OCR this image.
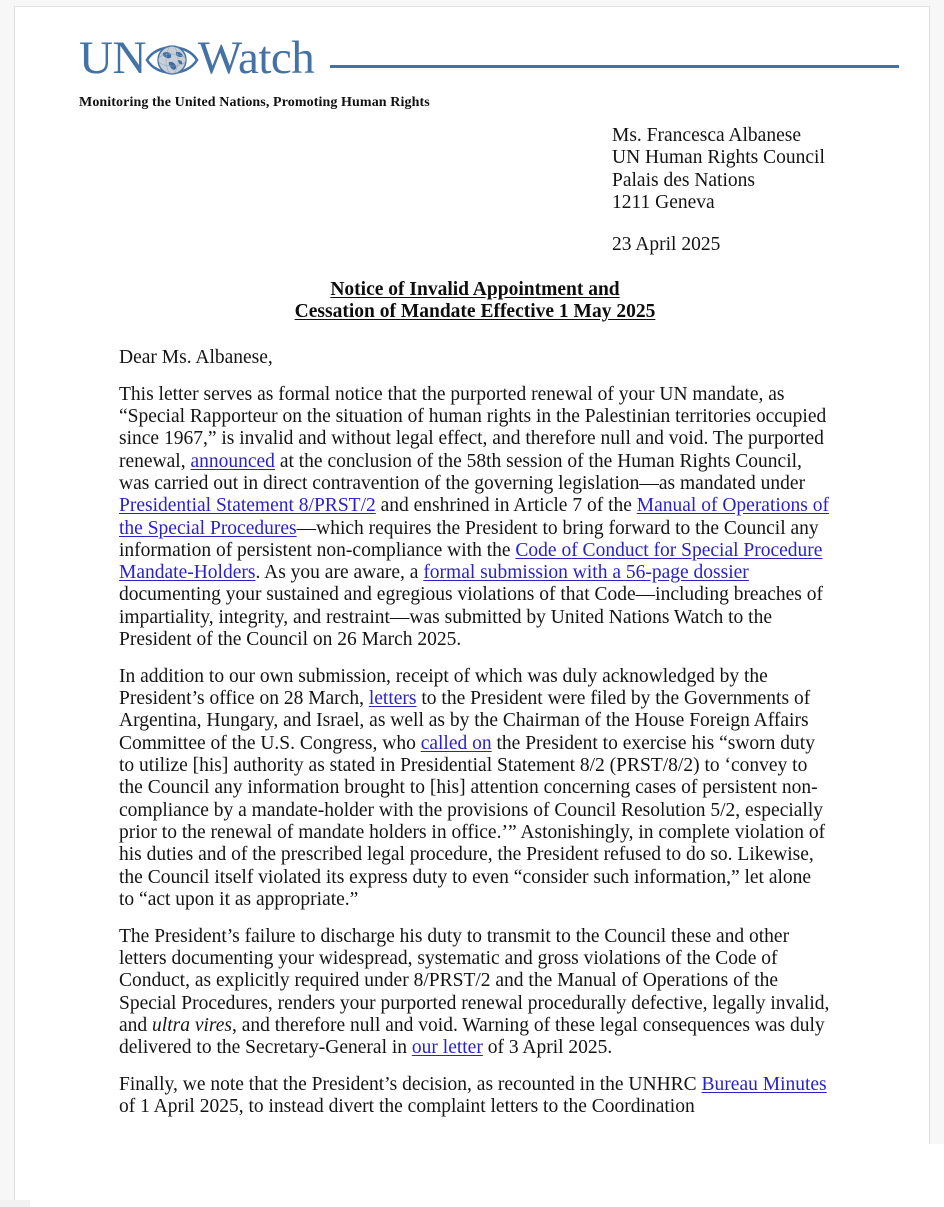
UN Watch
Monitoring the United Nations, Promoting Human Rights
Ms. Francesca Albanese
UN Human Rights Council
Palais des Nations
1211 Geneva
23 April 2025
Notice of Invalid Appointment and
Cessation of Mandate Effective 1 May 2025

Dear Ms. Albanese,

This letter serves as formal notice that the purported renewal of your UN mandate, as “Special Rapporteur on the situation of human rights in the Palestinian territories occupied since 1967,” is invalid and without legal effect, and therefore null and void. The purported renewal, announced at the conclusion of the 58th session of the Human Rights Council, was carried out in direct contravention of the governing legislation—as mandated under Presidential Statement 8/PRST/2 and enshrined in Article 7 of the Manual of Operations of the Special Procedures—which requires the President to bring forward to the Council any information of persistent non-compliance with the Code of Conduct for Special Procedure Mandate-Holders. As you are aware, a formal submission with a 56-page dossier documenting your sustained and egregious violations of that Code—including breaches of impartiality, integrity, and restraint—was submitted by United Nations Watch to the President of the Council on 26 March 2025.

In addition to our own submission, receipt of which was duly acknowledged by the President’s office on 28 March, letters to the President were filed by the Governments of Argentina, Hungary, and Israel, as well as by the Chairman of the House Foreign Affairs Committee of the U.S. Congress, who called on the President to exercise his “sworn duty to utilize [his] authority as stated in Presidential Statement 8/2 (PRST/8/2) to ‘convey to the Council any information brought to [his] attention concerning cases of persistent non-compliance by a mandate-holder with the provisions of Council Resolution 5/2, especially prior to the renewal of mandate holders in office.’” Astonishingly, in complete violation of his duties and of the prescribed legal procedure, the President refused to do so. Likewise, the Council itself violated its express duty to even “consider such information,” let alone to “act upon it as appropriate.”

The President’s failure to discharge his duty to transmit to the Council these and other letters documenting your widespread, systematic and gross violations of the Code of Conduct, as explicitly required under 8/PRST/2 and the Manual of Operations of the Special Procedures, renders your purported renewal procedurally defective, legally invalid, and ultra vires, and therefore null and void. Warning of these legal consequences was duly delivered to the Secretary-General in our letter of 3 April 2025.

Finally, we note that the President’s decision, as recounted in the UNHRC Bureau Minutes of 1 April 2025, to instead divert the complaint letters to the Coordination
